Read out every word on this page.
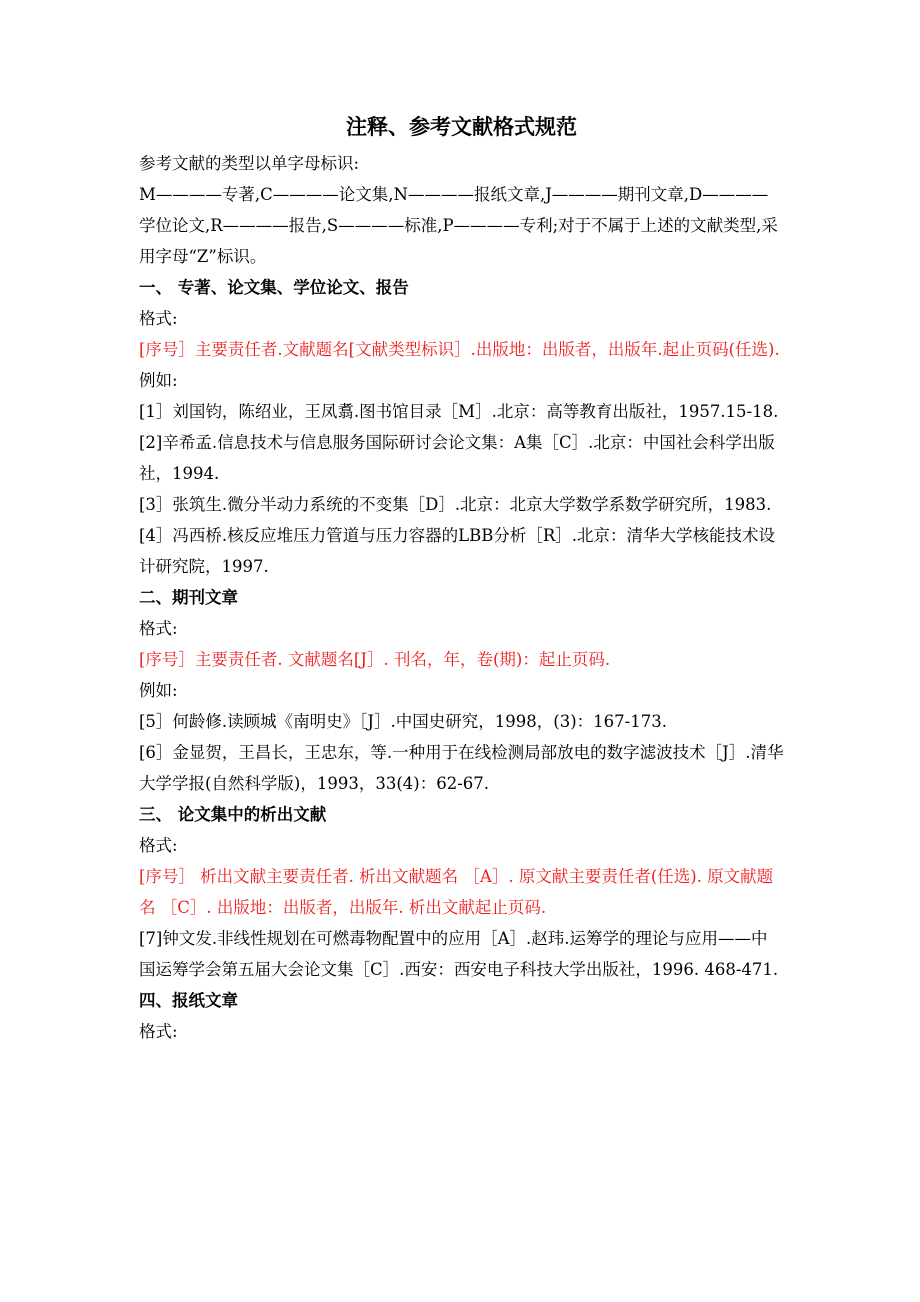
注释、参考文献格式规范

参考文献的类型以单字母标识:

M————专著,C————论文集,N————报纸文章,J————期刊文章,D————学位论文,R————报告,S————标准,P————专利;对于不属于上述的文献类型,采用字母“Z”标识。

一、 专著、论文集、学位论文、报告

格式:

[序号］主要责任者.文献题名[文献类型标识］.出版地：出版者，出版年.起止页码(任选).

例如:

[1］刘国钧，陈绍业，王凤翥.图书馆目录［M］.北京：高等教育出版社，1957.15-18.

[2]辛希孟.信息技术与信息服务国际研讨会论文集：A集［C］.北京：中国社会科学出版社，1994.

[3］张筑生.微分半动力系统的不变集［D］.北京：北京大学数学系数学研究所，1983.

[4］冯西桥.核反应堆压力管道与压力容器的LBB分析［R］.北京：清华大学核能技术设计研究院，1997.

二、期刊文章

格式:

[序号］主要责任者. 文献题名[J］. 刊名，年，卷(期)：起止页码.

例如:

[5］何龄修.读顾城《南明史》［J］.中国史研究，1998，(3)：167-173.

[6］金显贺，王昌长，王忠东，等.一种用于在线检测局部放电的数字滤波技术［J］.清华大学学报(自然科学版)，1993，33(4)：62-67.

三、 论文集中的析出文献

格式:

[序号］ 析出文献主要责任者. 析出文献题名 ［A］. 原文献主要责任者(任选). 原文献题名 ［C］. 出版地：出版者，出版年. 析出文献起止页码.

[7]钟文发.非线性规划在可燃毒物配置中的应用［A］.赵玮.运筹学的理论与应用——中国运筹学会第五届大会论文集［C］.西安：西安电子科技大学出版社，1996. 468-471.

四、报纸文章

格式:
